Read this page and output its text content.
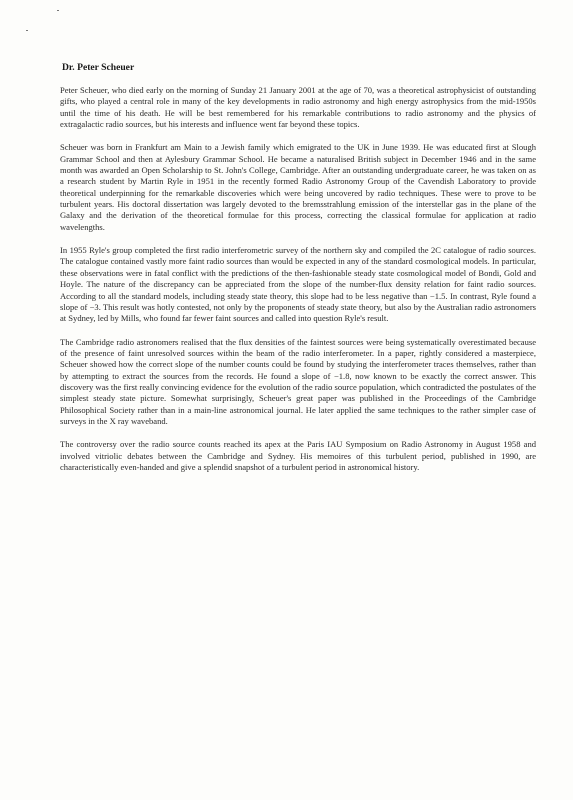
Dr. Peter Scheuer

Peter Scheuer, who died early on the morning of Sunday 21 January 2001 at the age of 70, was a theoretical astrophysicist of outstanding gifts, who played a central role in many of the key developments in radio astronomy and high energy astrophysics from the mid-1950s until the time of his death. He will be best remembered for his remarkable contributions to radio astronomy and the physics of extragalactic radio sources, but his interests and influence went far beyond these topics.

Scheuer was born in Frankfurt am Main to a Jewish family which emigrated to the UK in June 1939. He was educated first at Slough Grammar School and then at Aylesbury Grammar School. He became a naturalised British subject in December 1946 and in the same month was awarded an Open Scholarship to St. John's College, Cambridge. After an outstanding undergraduate career, he was taken on as a research student by Martin Ryle in 1951 in the recently formed Radio Astronomy Group of the Cavendish Laboratory to provide theoretical underpinning for the remarkable discoveries which were being uncovered by radio techniques. These were to prove to be turbulent years. His doctoral dissertation was largely devoted to the bremsstrahlung emission of the interstellar gas in the plane of the Galaxy and the derivation of the theoretical formulae for this process, correcting the classical formulae for application at radio wavelengths.

In 1955 Ryle's group completed the first radio interferometric survey of the northern sky and compiled the 2C catalogue of radio sources. The catalogue contained vastly more faint radio sources than would be expected in any of the standard cosmological models. In particular, these observations were in fatal conflict with the predictions of the then-fashionable steady state cosmological model of Bondi, Gold and Hoyle. The nature of the discrepancy can be appreciated from the slope of the number-flux density relation for faint radio sources. According to all the standard models, including steady state theory, this slope had to be less negative than −1.5. In contrast, Ryle found a slope of −3. This result was hotly contested, not only by the proponents of steady state theory, but also by the Australian radio astronomers at Sydney, led by Mills, who found far fewer faint sources and called into question Ryle's result.

The Cambridge radio astronomers realised that the flux densities of the faintest sources were being systematically overestimated because of the presence of faint unresolved sources within the beam of the radio interferometer. In a paper, rightly considered a masterpiece, Scheuer showed how the correct slope of the number counts could be found by studying the interferometer traces themselves, rather than by attempting to extract the sources from the records. He found a slope of −1.8, now known to be exactly the correct answer. This discovery was the first really convincing evidence for the evolution of the radio source population, which contradicted the postulates of the simplest steady state picture. Somewhat surprisingly, Scheuer's great paper was published in the Proceedings of the Cambridge Philosophical Society rather than in a main-line astronomical journal. He later applied the same techniques to the rather simpler case of surveys in the X ray waveband.

The controversy over the radio source counts reached its apex at the Paris IAU Symposium on Radio Astronomy in August 1958 and involved vitriolic debates between the Cambridge and Sydney. His memoires of this turbulent period, published in 1990, are characteristically even-handed and give a splendid snapshot of a turbulent period in astronomical history.
